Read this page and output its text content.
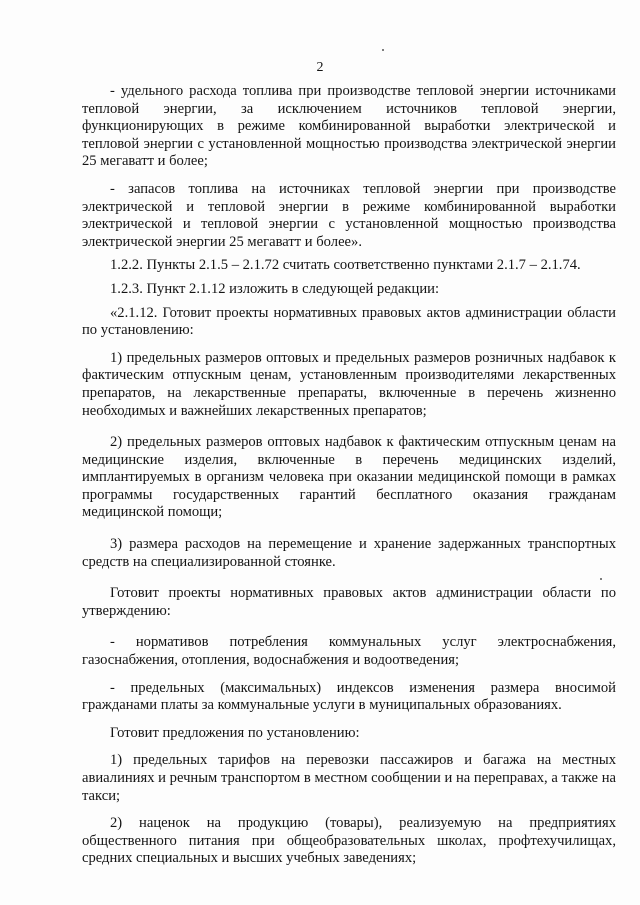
2

- удельного расхода топлива при производстве тепловой энергии источниками тепловой энергии, за исключением источников тепловой энергии, функционирующих в режиме комбинированной выработки электрической и тепловой энергии с установленной мощностью производства электрической энергии 25 мегаватт и более;

- запасов топлива на источниках тепловой энергии при производстве электрической и тепловой энергии в режиме комбинированной выработки электрической и тепловой энергии с установленной мощностью производства электрической энергии 25 мегаватт и более».

1.2.2. Пункты 2.1.5 – 2.1.72 считать соответственно пунктами 2.1.7 – 2.1.74.

1.2.3. Пункт 2.1.12 изложить в следующей редакции:

«2.1.12. Готовит проекты нормативных правовых актов администрации области по установлению:

1) предельных размеров оптовых и предельных размеров розничных надбавок к фактическим отпускным ценам, установленным производителями лекарственных препаратов, на лекарственные препараты, включенные в перечень жизненно необходимых и важнейших лекарственных препаратов;

2) предельных размеров оптовых надбавок к фактическим отпускным ценам на медицинские изделия, включенные в перечень медицинских изделий, имплантируемых в организм человека при оказании медицинской помощи в рамках программы государственных гарантий бесплатного оказания гражданам медицинской помощи;

3) размера расходов на перемещение и хранение задержанных транспортных средств на специализированной стоянке.

Готовит проекты нормативных правовых актов администрации области по утверждению:

- нормативов потребления коммунальных услуг электроснабжения, газоснабжения, отопления, водоснабжения и водоотведения;

- предельных (максимальных) индексов изменения размера вносимой гражданами платы за коммунальные услуги в муниципальных образованиях.

Готовит предложения по установлению:

1) предельных тарифов на перевозки пассажиров и багажа на местных авиалиниях и речным транспортом в местном сообщении и на переправах, а также на такси;

2) наценок на продукцию (товары), реализуемую на предприятиях общественного питания при общеобразовательных школах, профтехучилищах, средних специальных и высших учебных заведениях;
